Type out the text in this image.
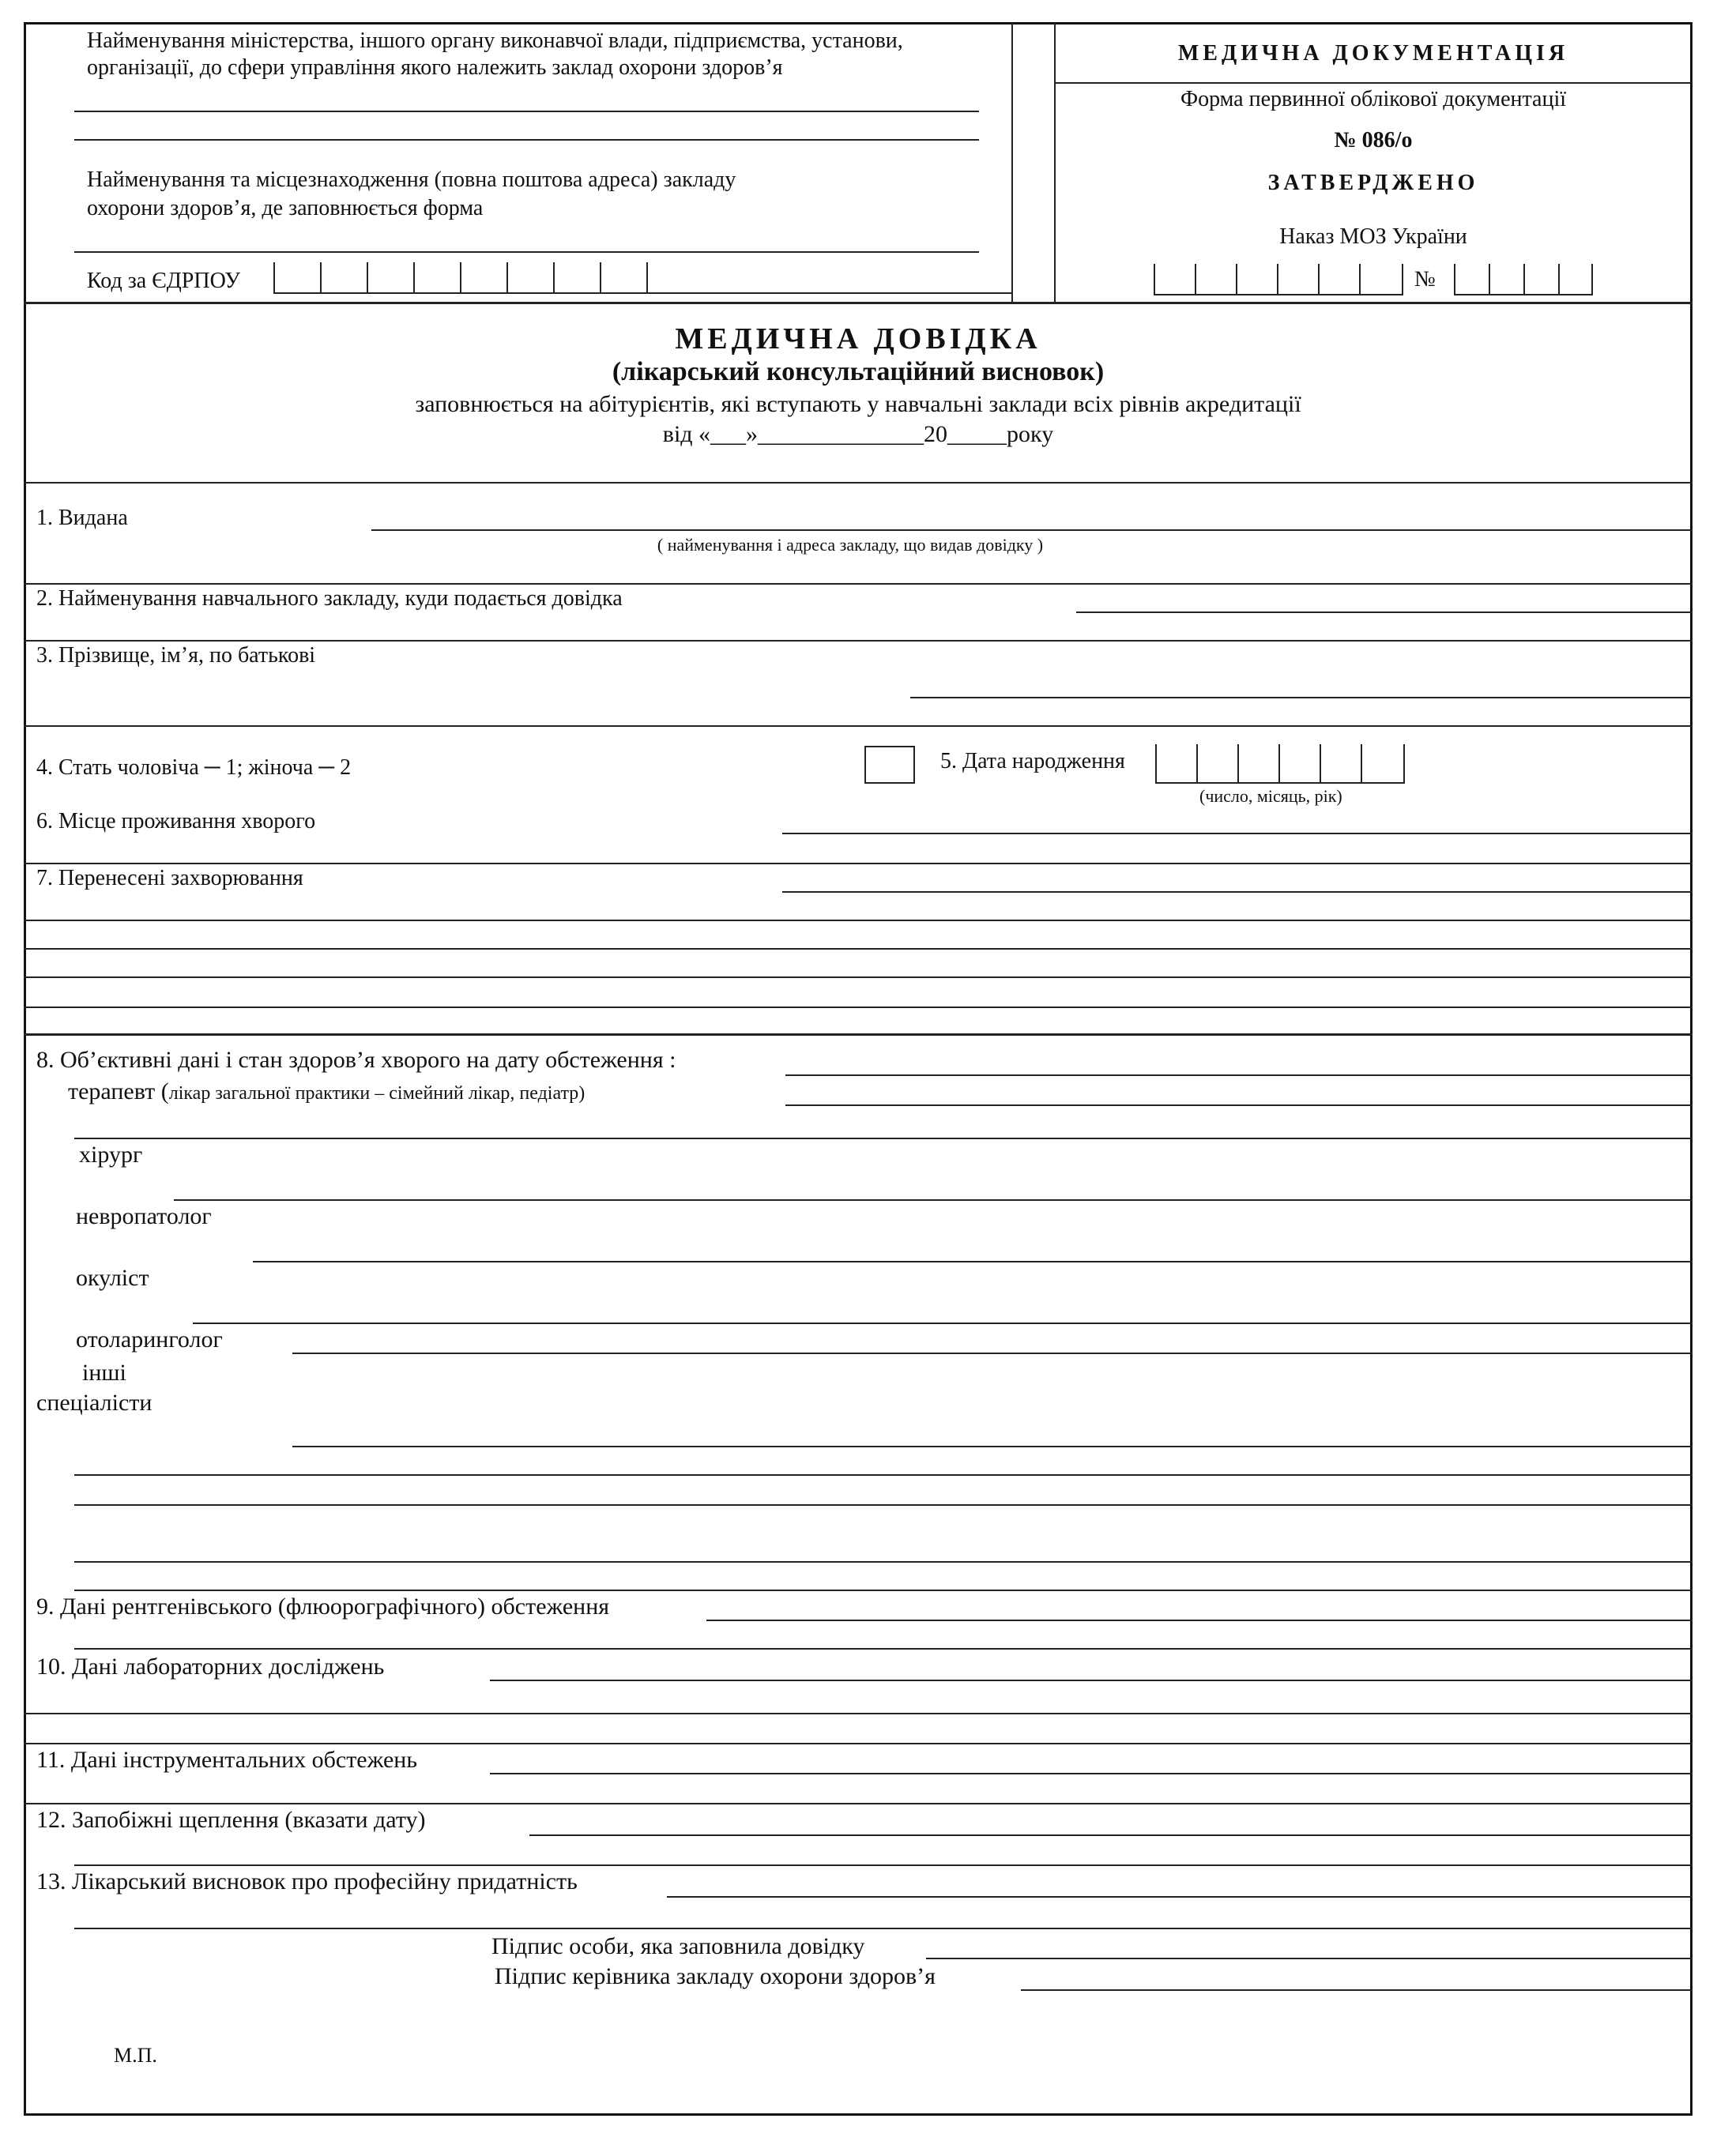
Найменування міністерства, іншого органу виконавчої влади, підприємства, установи,
організації, до сфери управління якого належить заклад охорони здоров’я
Найменування та місцезнаходження (повна поштова адреса) закладу
охорони здоров’я, де заповнюється форма
Код за ЄДРПОУ
МЕДИЧНА ДОКУМЕНТАЦІЯ
Форма первинної облікової документації
№ 086/о
ЗАТВЕРДЖЕНО
Наказ МОЗ України
№
МЕДИЧНА ДОВІДКА
(лікарський консультаційний висновок)
заповнюється на абітурієнтів, які вступають у навчальні заклади всіх рівнів акредитації
від «___»______________20_____року
1. Видана
( найменування і адреса закладу, що видав довідку )
2. Найменування навчального закладу, куди подається довідка
3. Прізвище, ім’я, по батькові
4. Стать чоловіча ─ 1; жіноча ─ 2	5. Дата народження
(число, місяць, рік)
6. Місце проживання хворого
7. Перенесені захворювання
8. Об’єктивні дані і стан здоров’я хворого на дату обстеження :
терапевт (лікар загальної практики – сімейний лікар, педіатр)
хірург
невропатолог
окуліст
отоларинголог
інші
спеціалісти
9. Дані рентгенівського (флюорографічного) обстеження
10. Дані лабораторних досліджень
11. Дані інструментальних обстежень
12. Запобіжні щеплення (вказати дату)
13. Лікарський висновок про професійну придатність
Підпис особи, яка заповнила довідку
Підпис керівника закладу охорони здоров’я
М.П.
